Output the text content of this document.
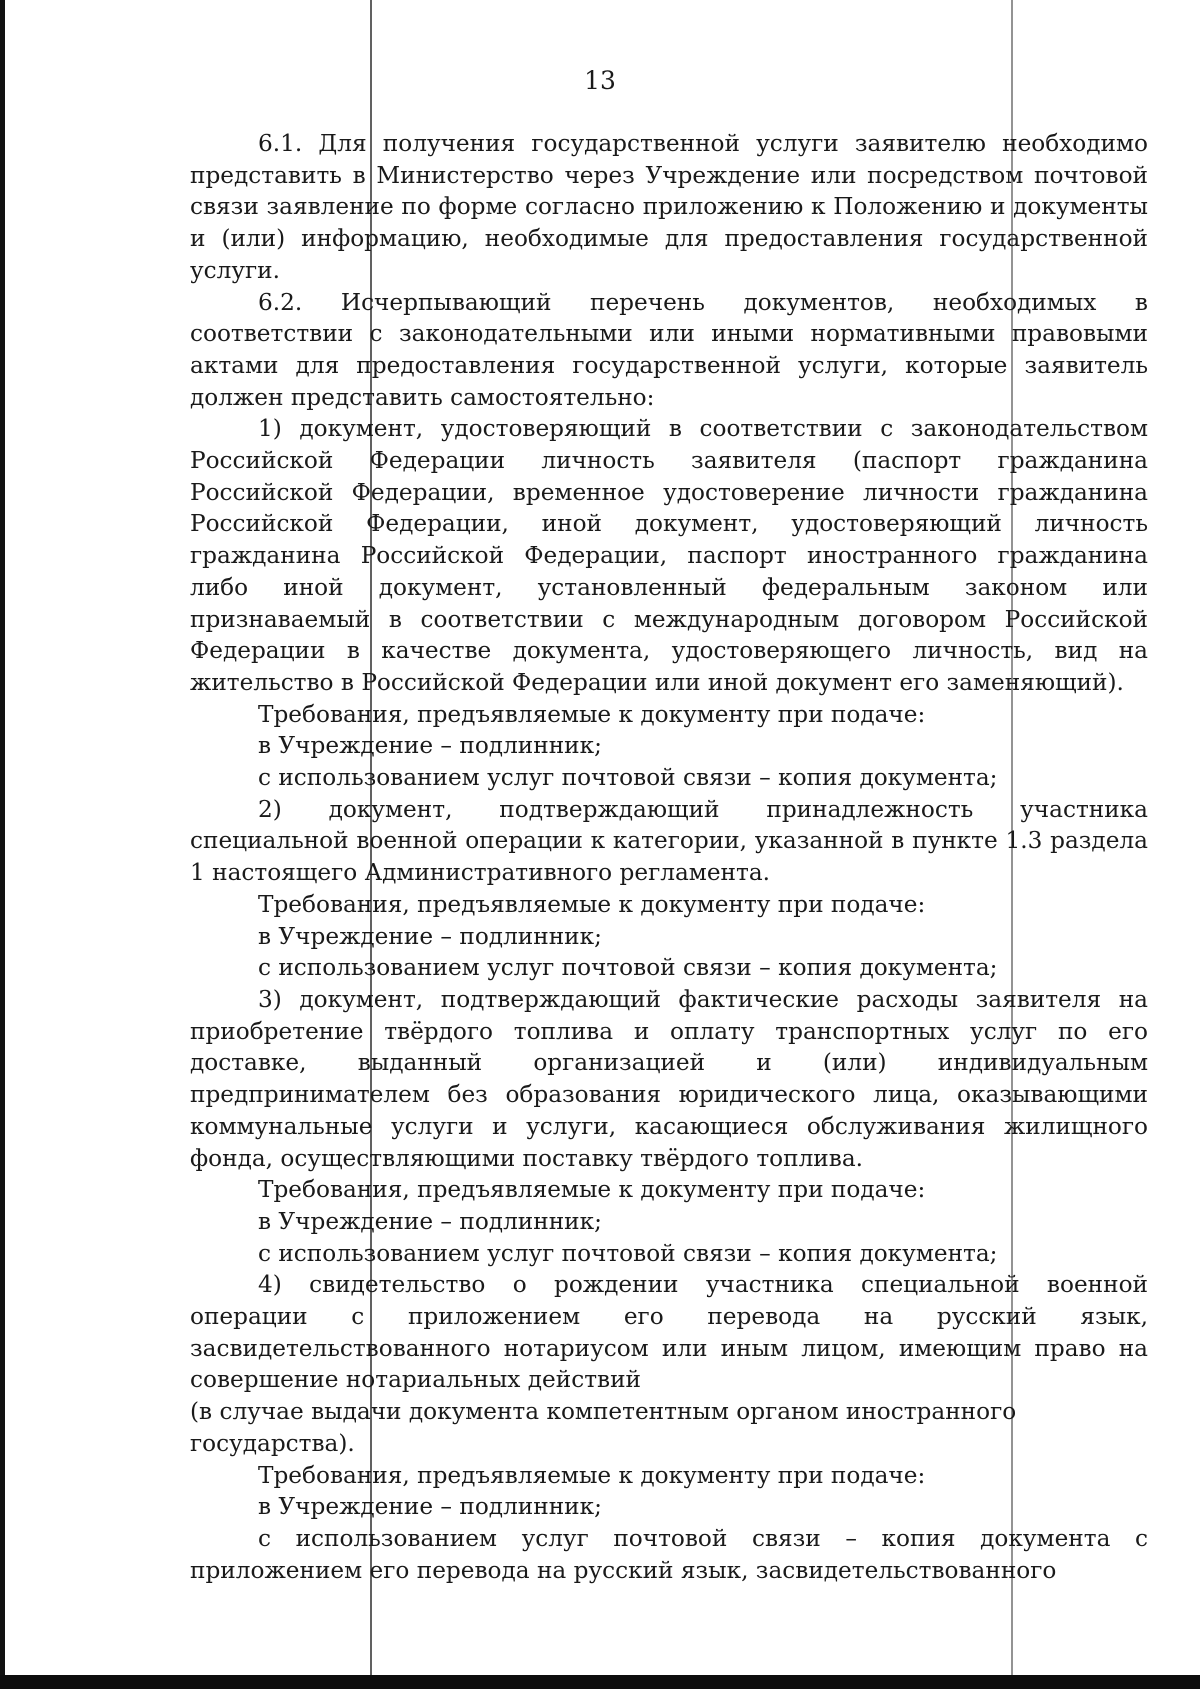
13

6.1. Для получения государственной услуги заявителю необходимо представить в Министерство через Учреждение или посредством почтовой связи заявление по форме согласно приложению к Положению и документы и (или) информацию, необходимые для предоставления государственной услуги.

6.2. Исчерпывающий перечень документов, необходимых в соответствии с законодательными или иными нормативными правовыми актами для предоставления государственной услуги, которые заявитель должен представить самостоятельно:

1) документ, удостоверяющий в соответствии с законодательством Российской Федерации личность заявителя (паспорт гражданина Российской Федерации, временное удостоверение личности гражданина Российской Федерации, иной документ, удостоверяющий личность гражданина Российской Федерации, паспорт иностранного гражданина либо иной документ, установленный федеральным законом или признаваемый в соответствии с международным договором Российской Федерации в качестве документа, удостоверяющего личность, вид на жительство в Российской Федерации или иной документ его заменяющий).

Требования, предъявляемые к документу при подаче:

в Учреждение – подлинник;

с использованием услуг почтовой связи – копия документа;

2) документ, подтверждающий принадлежность участника специальной военной операции к категории, указанной в пункте 1.3 раздела 1 настоящего Административного регламента.

Требования, предъявляемые к документу при подаче:

в Учреждение – подлинник;

с использованием услуг почтовой связи – копия документа;

3) документ, подтверждающий фактические расходы заявителя на приобретение твёрдого топлива и оплату транспортных услуг по его доставке, выданный организацией и (или) индивидуальным предпринимателем без образования юридического лица, оказывающими коммунальные услуги и услуги, касающиеся обслуживания жилищного фонда, осуществляющими поставку твёрдого топлива.

Требования, предъявляемые к документу при подаче:

в Учреждение – подлинник;

с использованием услуг почтовой связи – копия документа;

4) свидетельство о рождении участника специальной военной операции с приложением его перевода на русский язык, засвидетельствованного нотариусом или иным лицом, имеющим право на совершение нотариальных действий

(в случае выдачи документа компетентным органом иностранного государства).

Требования, предъявляемые к документу при подаче:

в Учреждение – подлинник;

с использованием услуг почтовой связи – копия документа с приложением его перевода на русский язык, засвидетельствованного
